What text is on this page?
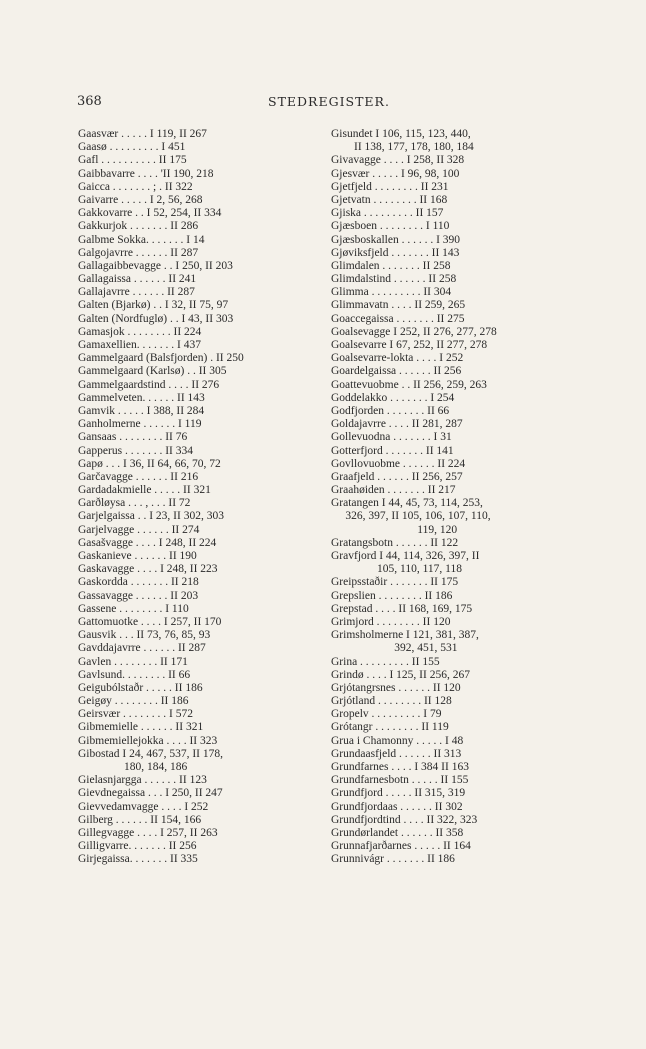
368	STEDREGISTER.
Gaasvær . . . . . I 119, II 267
Gaasø . . . . . . . . . I 451
Gafl . . . . . . . . . . II 175
Gaibbavarre . . . . 'II 190, 218
Gaicca . . . . . . . ; . II 322
Gaivarre . . . . . I 2, 56, 268
Gakkovarre . . I 52, 254, II 334
Gakkurjok . . . . . . . II 286
Galbme Sokka. . . . . . . I 14
Galgojavrre . . . . . . II 287
Gallagaibbevagge . . I 250, II 203
Gallagaissa . . . . . . II 241
Gallajavrre . . . . . . II 287
Galten (Bjarkø) . . I 32, II 75, 97
Galten (Nordfuglø) . . I 43, II 303
Gamasjok . . . . . . . . II 224
Gamaxellien. . . . . . . I 437
Gammelgaard (Balsfjorden) . II 250
Gammelgaard (Karlsø) . . II 305
Gammelgaardstind . . . . II 276
Gammelveten. . . . . . II 143
Gamvik . . . . . I 388, II 284
Ganholmerne . . . . . . I 119
Gansaas . . . . . . . . II 76
Gapperus . . . . . . . II 334
Gapø . . . I 36, II 64, 66, 70, 72
Garčavagge . . . . . . II 216
Gardadakmielle . . . . . II 321
Garðløysa . . . , . . . II 72
Garjelgaissa . . I 23, II 302, 303
Garjelvagge . . . . . . II 274
Gasašvagge . . . . I 248, II 224
Gaskanieve . . . . . . II 190
Gaskavagge . . . . I 248, II 223
Gaskordda . . . . . . . II 218
Gassavagge . . . . . . II 203
Gassene . . . . . . . . I 110
Gattomuotke . . . . I 257, II 170
Gausvik . . . II 73, 76, 85, 93
Gavddajavrre . . . . . . II 287
Gavlen . . . . . . . . II 171
Gavlsund. . . . . . . . II 66
Geigubólstaðr . . . . . II 186
Geigøy . . . . . . . . II 186
Geirsvær . . . . . . . . I 572
Gibmemielle . . . . . . II 321
Gibmemiellejokka . . . . II 323
Gibostad I 24, 467, 537, II 178,
180, 184, 186
Gielasnjargga . . . . . . II 123
Gievdnegaissa . . . I 250, II 247
Gievvedamvagge . . . . I 252
Gilberg . . . . . . II 154, 166
Gillegvagge . . . . I 257, II 263
Gilligvarre. . . . . . . II 256
Girjegaissa. . . . . . . II 335
Gisundet I 106, 115, 123, 440,
II 138, 177, 178, 180, 184
Givavagge . . . . I 258, II 328
Gjesvær . . . . . I 96, 98, 100
Gjetfjeld . . . . . . . . II 231
Gjetvatn . . . . . . . . II 168
Gjiska . . . . . . . . . II 157
Gjæsboen . . . . . . . . I 110
Gjæsboskallen . . . . . . I 390
Gjøviksfjeld . . . . . . . II 143
Glimdalen . . . . . . . II 258
Glimdalstind . . . . . . II 258
Glimma . . . . . . . . . II 304
Glimmavatn . . . . II 259, 265
Goaccegaissa . . . . . . . II 275
Goalsevagge I 252, II 276, 277, 278
Goalsevarre I 67, 252, II 277, 278
Goalsevarre-lokta . . . . I 252
Goardelgaissa . . . . . . II 256
Goattevuobme . . II 256, 259, 263
Goddelakko . . . . . . . I 254
Godfjorden . . . . . . . II 66
Goldajavrre . . . . II 281, 287
Gollevuodna . . . . . . . I 31
Gotterfjord . . . . . . . II 141
Govllovuobme . . . . . . II 224
Graafjeld . . . . . . II 256, 257
Graahøiden . . . . . . . II 217
Gratangen I 44, 45, 73, 114, 253,
326, 397, II 105, 106, 107, 110,
119, 120
Gratangsbotn . . . . . . II 122
Gravfjord I 44, 114, 326, 397, II
105, 110, 117, 118
Greipsstaðir . . . . . . . II 175
Grepslien . . . . . . . . II 186
Grepstad . . . . II 168, 169, 175
Grimjord . . . . . . . . II 120
Grimsholmerne I 121, 381, 387,
392, 451, 531
Grina . . . . . . . . . II 155
Grindø . . . . I 125, II 256, 267
Grjótangrsnes . . . . . . II 120
Grjótland . . . . . . . . II 128
Gropelv . . . . . . . . . I 79
Grótangr . . . . . . . . II 119
Grua i Chamonny . . . . . I 48
Grundaasfjeld . . . . . . II 313
Grundfarnes . . . . I 384 II 163
Grundfarnesbotn . . . . . II 155
Grundfjord . . . . . II 315, 319
Grundfjordaas . . . . . . II 302
Grundfjordtind . . . . II 322, 323
Grundørlandet . . . . . . II 358
Grunnafjarðarnes . . . . . II 164
Grunnivágr . . . . . . . II 186
